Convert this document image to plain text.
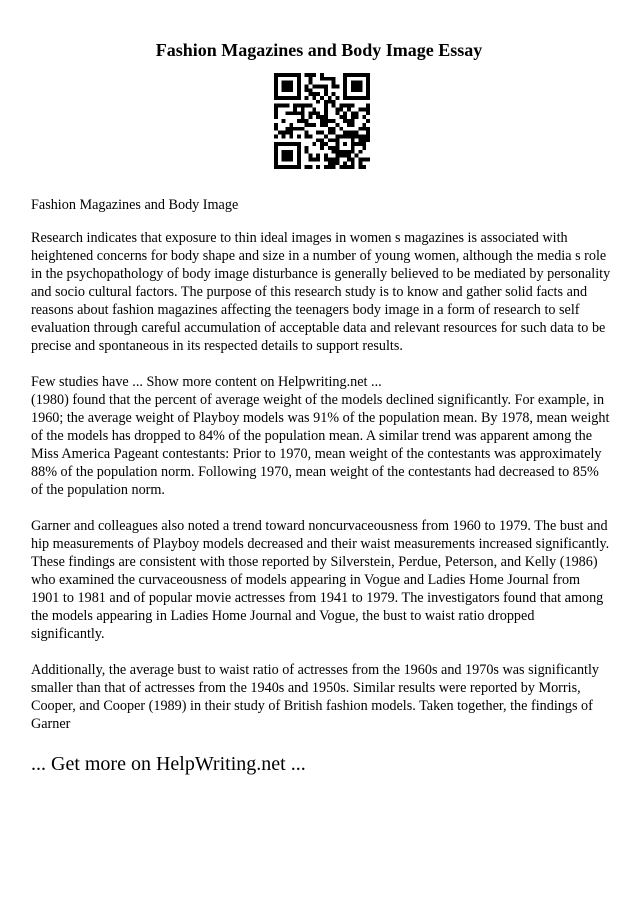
Fashion Magazines and Body Image Essay

Fashion Magazines and Body Image

Research indicates that exposure to thin ideal images in women s magazines is associated with heightened concerns for body shape and size in a number of young women, although the media s role in the psychopathology of body image disturbance is generally believed to be mediated by personality and socio cultural factors. The purpose of this research study is to know and gather solid facts and reasons about fashion magazines affecting the teenagers body image in a form of research to self evaluation through careful accumulation of acceptable data and relevant resources for such data to be precise and spontaneous in its respected details to support results.

Few studies have ... Show more content on Helpwriting.net ...
(1980) found that the percent of average weight of the models declined significantly. For example, in 1960; the average weight of Playboy models was 91% of the population mean. By 1978, mean weight of the models has dropped to 84% of the population mean. A similar trend was apparent among the Miss America Pageant contestants: Prior to 1970, mean weight of the contestants was approximately 88% of the population norm. Following 1970, mean weight of the contestants had decreased to 85% of the population norm.

Garner and colleagues also noted a trend toward noncurvaceousness from 1960 to 1979. The bust and hip measurements of Playboy models decreased and their waist measurements increased significantly. These findings are consistent with those reported by Silverstein, Perdue, Peterson, and Kelly (1986) who examined the curvaceousness of models appearing in Vogue and Ladies Home Journal from 1901 to 1981 and of popular movie actresses from 1941 to 1979. The investigators found that among the models appearing in Ladies Home Journal and Vogue, the bust to waist ratio dropped significantly.

Additionally, the average bust to waist ratio of actresses from the 1960s and 1970s was significantly smaller than that of actresses from the 1940s and 1950s. Similar results were reported by Morris, Cooper, and Cooper (1989) in their study of British fashion models. Taken together, the findings of Garner

... Get more on HelpWriting.net ...
